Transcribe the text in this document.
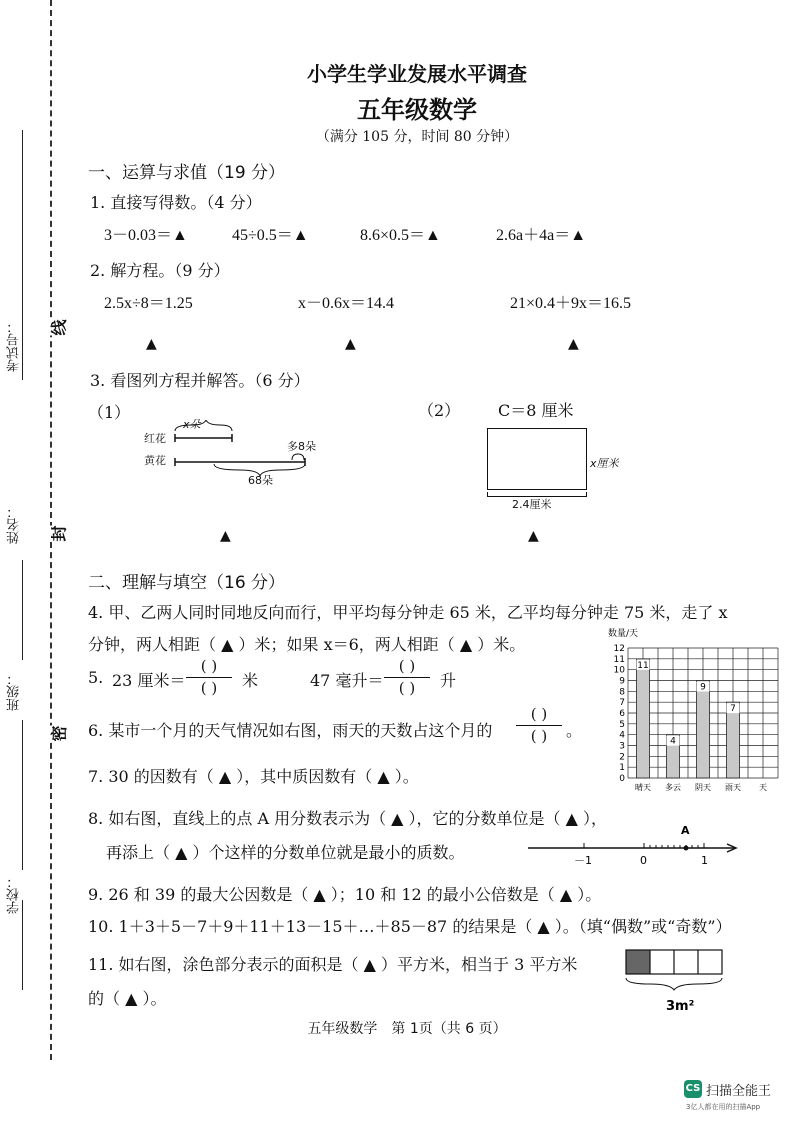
考试号：
姓名：
班级：
学校：
线
封
密
小学生学业发展水平调查
五年级数学
（满分 105 分，时间 80 分钟）
一、运算与求值（19 分）
1. 直接写得数。（4 分）
3－0.03＝▲	45÷0.5＝▲	8.6×0.5＝▲	2.6a＋4a＝▲
2. 解方程。（9 分）
2.5x÷8＝1.25	x－0.6x＝14.4	21×0.4＋9x＝16.5
▲	▲	▲
3. 看图列方程并解答。（6 分）
（1）	（2）
红花
黄花
x朵
多8朵
68朵
▲
C＝8 厘米
x厘米
2.4厘米
▲
二、理解与填空（16 分）
4. 甲、乙两人同时同地反向而行，甲平均每分钟走 65 米，乙平均每分钟走 75 米，走了 x
分钟，两人相距（ ▲ ）米；如果 x＝6，两人相距（ ▲ ）米。
5. 23 厘米＝
( )
( ) 米	47 毫升＝
( )
( ) 升
6. 某市一个月的天气情况如右图，雨天的天数占这个月的
( )
( ) 。
7. 30 的因数有（ ▲ ），其中质因数有（ ▲ ）。
8. 如右图，直线上的点 A 用分数表示为（ ▲ ），它的分数单位是（ ▲ ），
再添上（ ▲ ）个这样的分数单位就是最小的质数。
9. 26 和 39 的最大公因数是（ ▲ ）；10 和 12 的最小公倍数是（ ▲ ）。
10. 1＋3＋5－7＋9＋11＋13－15＋…＋85－87 的结果是（ ▲ ）。（填“偶数”或“奇数”）
11. 如右图，涂色部分表示的面积是（ ▲ ）平方米，相当于 3 平方米
的（ ▲ ）。
数量/天
0
1
2
3
4
5
6
7
8
9
10
11
12
11
晴天
4
多云
9
阴天
7
雨天 天
A
－1	0	1
3m²
五年级数学　第 1页（共 6 页）
CS 扫描全能王
3亿人都在用的扫描App
